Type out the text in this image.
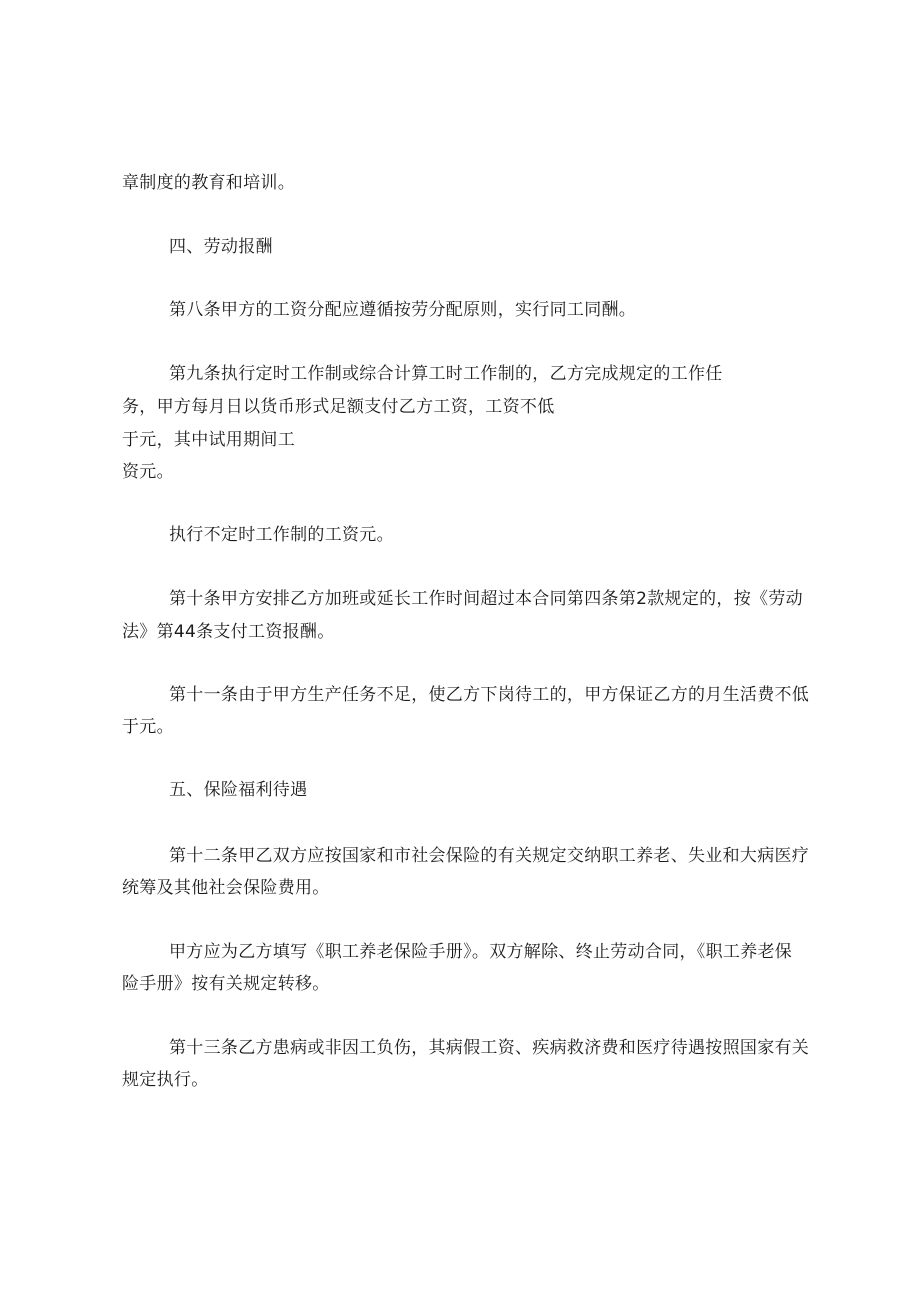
章制度的教育和培训。
四、劳动报酬
第八条甲方的工资分配应遵循按劳分配原则，实行同工同酬。
第九条执行定时工作制或综合计算工时工作制的，乙方完成规定的工作任
务，甲方每月日以货币形式足额支付乙方工资，工资不低
于元，其中试用期间工
资元。
执行不定时工作制的工资元。
第十条甲方安排乙方加班或延长工作时间超过本合同第四条第2款规定的，按《劳动
法》第44条支付工资报酬。
第十一条由于甲方生产任务不足，使乙方下岗待工的，甲方保证乙方的月生活费不低
于元。
五、保险福利待遇
第十二条甲乙双方应按国家和市社会保险的有关规定交纳职工养老、失业和大病医疗
统筹及其他社会保险费用。
甲方应为乙方填写《职工养老保险手册》。双方解除、终止劳动合同，《职工养老保
险手册》按有关规定转移。
第十三条乙方患病或非因工负伤，其病假工资、疾病救济费和医疗待遇按照国家有关
规定执行。
